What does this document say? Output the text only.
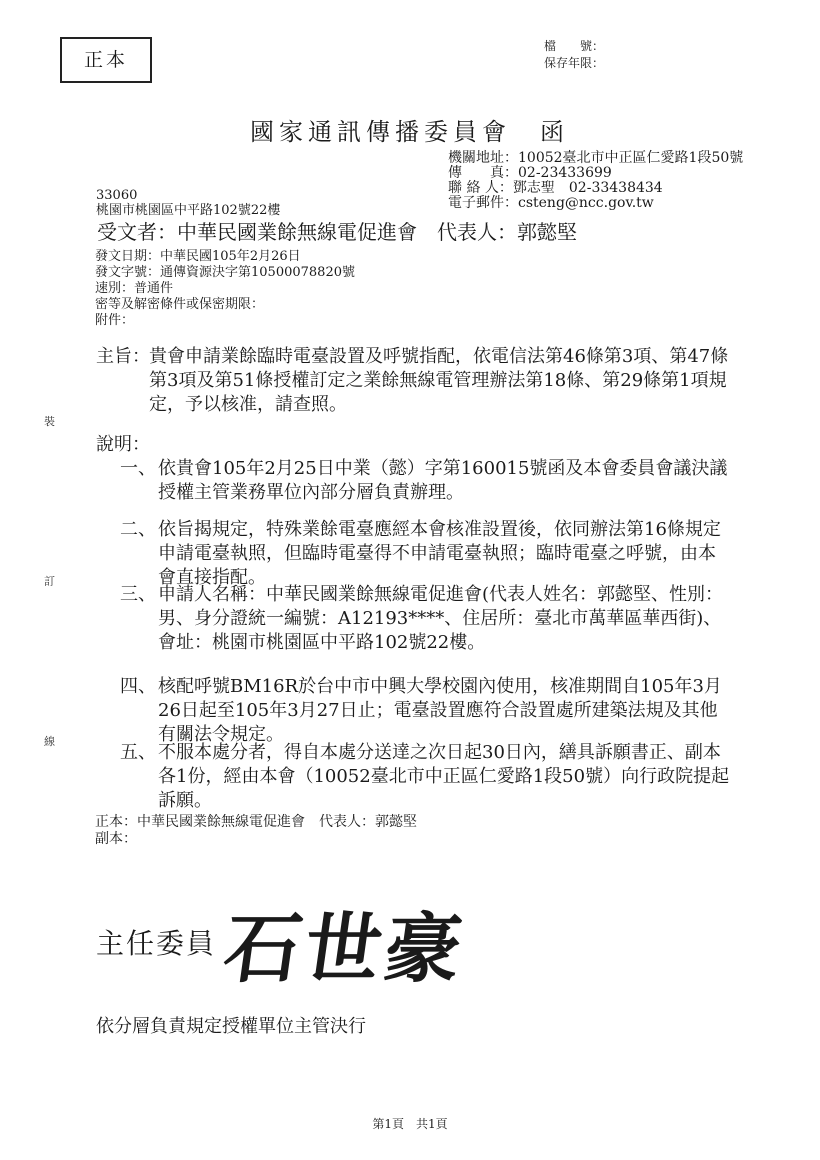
正本
檔　　號：
保存年限：
國家通訊傳播委員會　函
機關地址：10052臺北市中正區仁愛路1段50號
傳　　真：02-23433699
聯 絡 人：鄧志聖　02-33438434
電子郵件：csteng@ncc.gov.tw
33060
桃園市桃園區中平路102號22樓
受文者：中華民國業餘無線電促進會　代表人：郭懿堅
發文日期：中華民國105年2月26日
發文字號：通傳資源決字第10500078820號
速別：普通件
密等及解密條件或保密期限：
附件：
主旨： 貴會申請業餘臨時電臺設置及呼號指配，依電信法第46條第3項、第47條第3項及第51條授權訂定之業餘無線電管理辦法第18條、第29條第1項規定，予以核准，請查照。
說明：
一、 依貴會105年2月25日中業（懿）字第160015號函及本會委員會議決議授權主管業務單位內部分層負責辦理。
二、 依旨揭規定，特殊業餘電臺應經本會核准設置後，依同辦法第16條規定申請電臺執照，但臨時電臺得不申請電臺執照；臨時電臺之呼號，由本會直接指配。
三、 申請人名稱：中華民國業餘無線電促進會(代表人姓名：郭懿堅、性別：男、身分證統一編號：A12193****、住居所：臺北市萬華區華西街)、會址：桃園市桃園區中平路102號22樓。
四、 核配呼號BM16R於台中市中興大學校園內使用，核准期間自105年3月26日起至105年3月27日止；電臺設置應符合設置處所建築法規及其他有關法令規定。
五、 不服本處分者，得自本處分送達之次日起30日內，繕具訴願書正、副本各1份，經由本會（10052臺北市中正區仁愛路1段50號）向行政院提起訴願。
正本：中華民國業餘無線電促進會　代表人：郭懿堅
副本：
裝
訂
線
主任委員 石世豪
依分層負責規定授權單位主管決行
第1頁　共1頁
